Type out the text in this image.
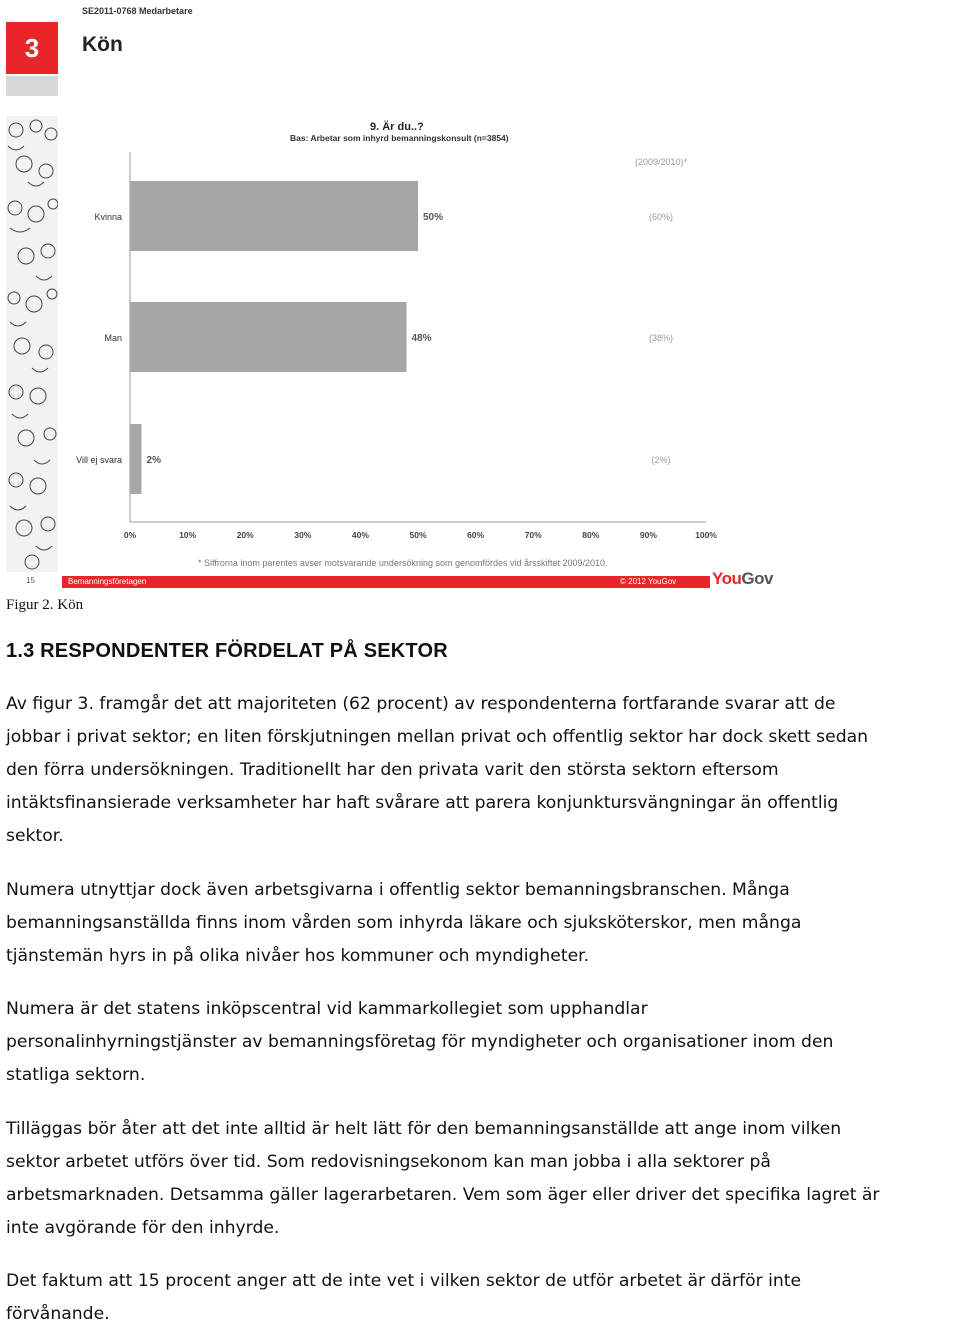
SE2011-0768 Medarbetare
3	Kön
9. Är du..?
Bas: Arbetar som inhyrd bemanningskonsult (n=3854)
(2009/2010)*
Kvinna	50%	(60%)
Man	48%	(38%)
Vill ej svara 2%	(2%)
0%	10%	20%	30%	40%	50%	60%	70%	80%	90%	100%
* Siffrorna inom parentes avser motsvarande undersökning som genomfördes vid årsskiftet 2009/2010.
15	Bemanningsföretagen	© 2012 YouGov YouGov
Figur 2. Kön
1.3 RESPONDENTER FÖRDELAT PÅ SEKTOR

Av figur 3. framgår det att majoriteten (62 procent) av respondenterna fortfarande svarar att de
jobbar i privat sektor; en liten förskjutningen mellan privat och offentlig sektor har dock skett sedan
den förra undersökningen. Traditionellt har den privata varit den största sektorn eftersom
intäktsfinansierade verksamheter har haft svårare att parera konjunktursvängningar än offentlig
sektor.

Numera utnyttjar dock även arbetsgivarna i offentlig sektor bemanningsbranschen. Många
bemanningsanställda finns inom vården som inhyrda läkare och sjuksköterskor, men många
tjänstemän hyrs in på olika nivåer hos kommuner och myndigheter.

Numera är det statens inköpscentral vid kammarkollegiet som upphandlar
personalinhyrningstjänster av bemanningsföretag för myndigheter och organisationer inom den
statliga sektorn.

Tilläggas bör åter att det inte alltid är helt lätt för den bemanningsanställde att ange inom vilken
sektor arbetet utförs över tid. Som redovisningsekonom kan man jobba i alla sektorer på
arbetsmarknaden. Detsamma gäller lagerarbetaren. Vem som äger eller driver det specifika lagret är
inte avgörande för den inhyrde.

Det faktum att 15 procent anger att de inte vet i vilken sektor de utför arbetet är därför inte
förvånande.
